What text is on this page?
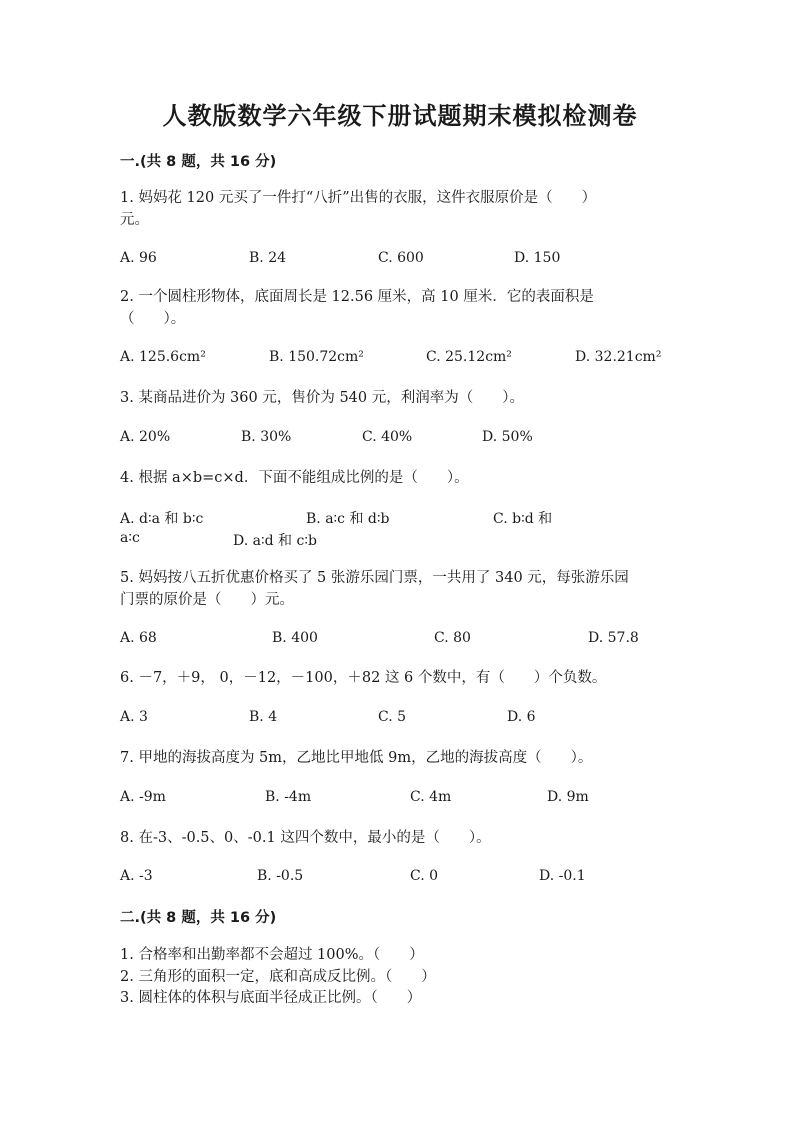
人教版数学六年级下册试题期末模拟检测卷
一.(共 8 题，共 16 分)
1. 妈妈花 120 元买了一件打“八折”出售的衣服，这件衣服原价是（　　）
元。
A. 96	B. 24	C. 600	D. 150
2. 一个圆柱形物体，底面周长是 12.56 厘米，高 10 厘米．它的表面积是
（　　）。
A. 125.6cm²	B. 150.72cm²	C. 25.12cm²	D. 32.21cm²
3. 某商品进价为 360 元，售价为 540 元，利润率为（　　）。
A. 20%	B. 30%	C. 40%	D. 50%
4. 根据 a×b=c×d．下面不能组成比例的是（　　）。
A. d∶a 和 b∶c	B. a∶c 和 d∶b	C. b∶d 和
a∶c	D. a∶d 和 c∶b
5. 妈妈按八五折优惠价格买了 5 张游乐园门票，一共用了 340 元，每张游乐园
门票的原价是（　　）元。
A. 68	B. 400	C. 80	D. 57.8
6. －7，＋9， 0，－12，－100，＋82 这 6 个数中，有（　　）个负数。
A. 3	B. 4	C. 5	D. 6
7. 甲地的海拔高度为 5m，乙地比甲地低 9m，乙地的海拔高度（　　）。
A. -9m	B. -4m	C. 4m	D. 9m
8. 在-3、-0.5、0、-0.1 这四个数中，最小的是（　　）。
A. -3	B. -0.5	C. 0	D. -0.1
二.(共 8 题，共 16 分)
1. 合格率和出勤率都不会超过 100%。（　　）
2. 三角形的面积一定，底和高成反比例。（　　）
3. 圆柱体的体积与底面半径成正比例。（　　）
